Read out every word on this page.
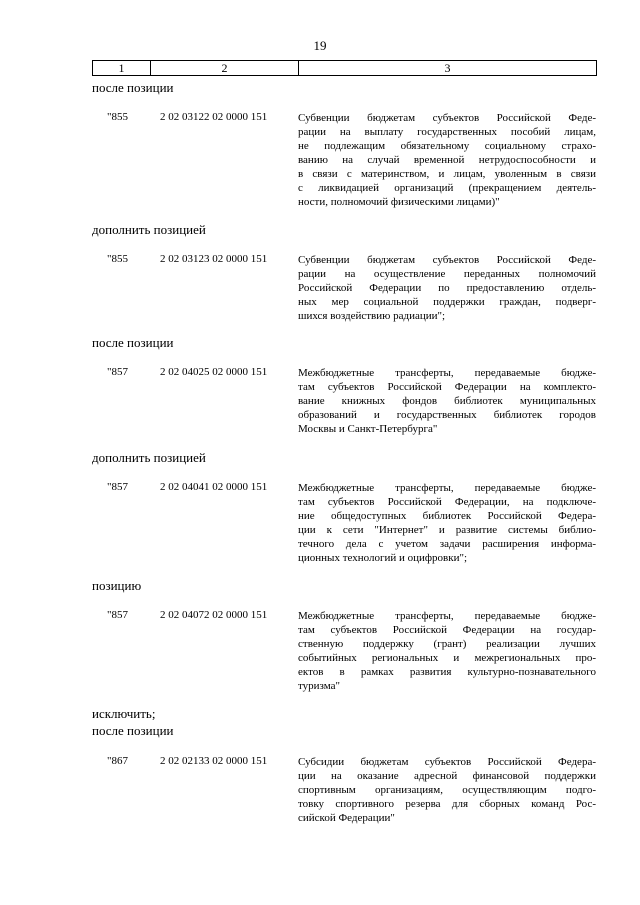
19
1	2	3
после позиции
"855	2 02 03122 02 0000 151	Субвенции бюджетам субъектов Российской Феде-
рации на выплату государственных пособий лицам,
не подлежащим обязательному социальному страхо-
ванию на случай временной нетрудоспособности и
в связи с материнством, и лицам, уволенным в связи
с ликвидацией организаций (прекращением деятель-
ности, полномочий физическими лицами)"
дополнить позицией
"855	2 02 03123 02 0000 151	Субвенции бюджетам субъектов Российской Феде-
рации на осуществление переданных полномочий
Российской Федерации по предоставлению отдель-
ных мер социальной поддержки граждан, подверг-
шихся воздействию радиации";
после позиции
"857	2 02 04025 02 0000 151	Межбюджетные трансферты, передаваемые бюдже-
там субъектов Российской Федерации на комплекто-
вание книжных фондов библиотек муниципальных
образований и государственных библиотек городов
Москвы и Санкт-Петербурга"
дополнить позицией
"857	2 02 04041 02 0000 151	Межбюджетные трансферты, передаваемые бюдже-
там субъектов Российской Федерации, на подключе-
ние общедоступных библиотек Российской Федера-
ции к сети "Интернет" и развитие системы библио-
течного дела с учетом задачи расширения информа-
ционных технологий и оцифровки";
позицию
"857	2 02 04072 02 0000 151	Межбюджетные трансферты, передаваемые бюдже-
там субъектов Российской Федерации на государ-
ственную поддержку (грант) реализации лучших
событийных региональных и межрегиональных про-
ектов в рамках развития культурно-познавательного
туризма"
исключить;
после позиции
"867	2 02 02133 02 0000 151	Субсидии бюджетам субъектов Российской Федера-
ции на оказание адресной финансовой поддержки
спортивным организациям, осуществляющим подго-
товку спортивного резерва для сборных команд Рос-
сийской Федерации"
